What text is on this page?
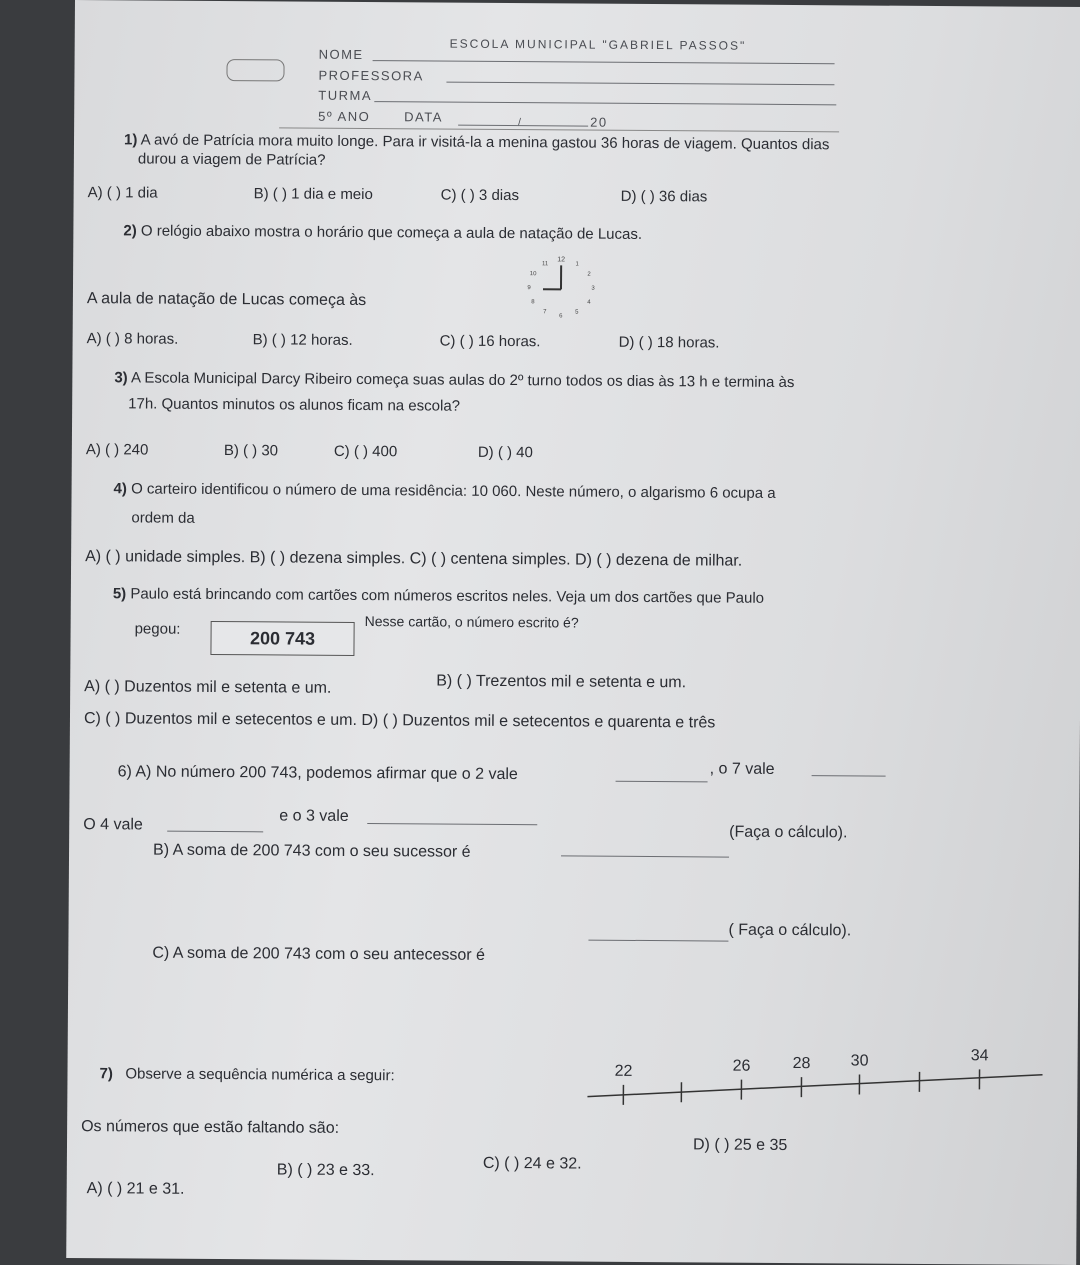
ESCOLA MUNICIPAL "GABRIEL PASSOS"
NOME
PROFESSORA
TURMA
5º ANO	DATA	/	20
1) A avó de Patrícia mora muito longe. Para ir visitá-la a menina gastou 36 horas de viagem. Quantos dias
durou a viagem de Patrícia?
A) ( ) 1 dia	B) ( ) 1 dia e meio	C) ( ) 3 dias	D) ( ) 36 dias
2) O relógio abaixo mostra o horário que começa a aula de natação de Lucas.
12
1
2
3
4
5
6
7
8
9
10
11
A aula de natação de Lucas começa às
A) ( ) 8 horas.	B) ( ) 12 horas.	C) ( ) 16 horas.	D) ( ) 18 horas.
3) A Escola Municipal Darcy Ribeiro começa suas aulas do 2º turno todos os dias às 13 h e termina às
17h. Quantos minutos os alunos ficam na escola?
A) ( ) 240	B) ( ) 30	C) ( ) 400	D) ( ) 40
4) O carteiro identificou o número de uma residência: 10 060. Neste número, o algarismo 6 ocupa a
ordem da
A) ( ) unidade simples. B) ( ) dezena simples. C) ( ) centena simples. D) ( ) dezena de milhar.
5) Paulo está brincando com cartões com números escritos neles. Veja um dos cartões que Paulo
pegou:	200 743
Nesse cartão, o número escrito é?
A) ( ) Duzentos mil e setenta e um.	B) ( ) Trezentos mil e setenta e um.
C) ( ) Duzentos mil e setecentos e um. D) ( ) Duzentos mil e setecentos e quarenta e três
6) A) No número 200 743, podemos afirmar que o 2 vale	, o 7 vale
O 4 vale	e o 3 vale
B) A soma de 200 743 com o seu sucessor é
(Faça o cálculo).
C) A soma de 200 743 com o seu antecessor é
( Faça o cálculo).
7) Observe a sequência numérica a seguir:	22	26	28	30	34
Os números que estão faltando são:
A) ( ) 21 e 31.
B) ( ) 23 e 33.	C) ( ) 24 e 32.
D) ( ) 25 e 35
